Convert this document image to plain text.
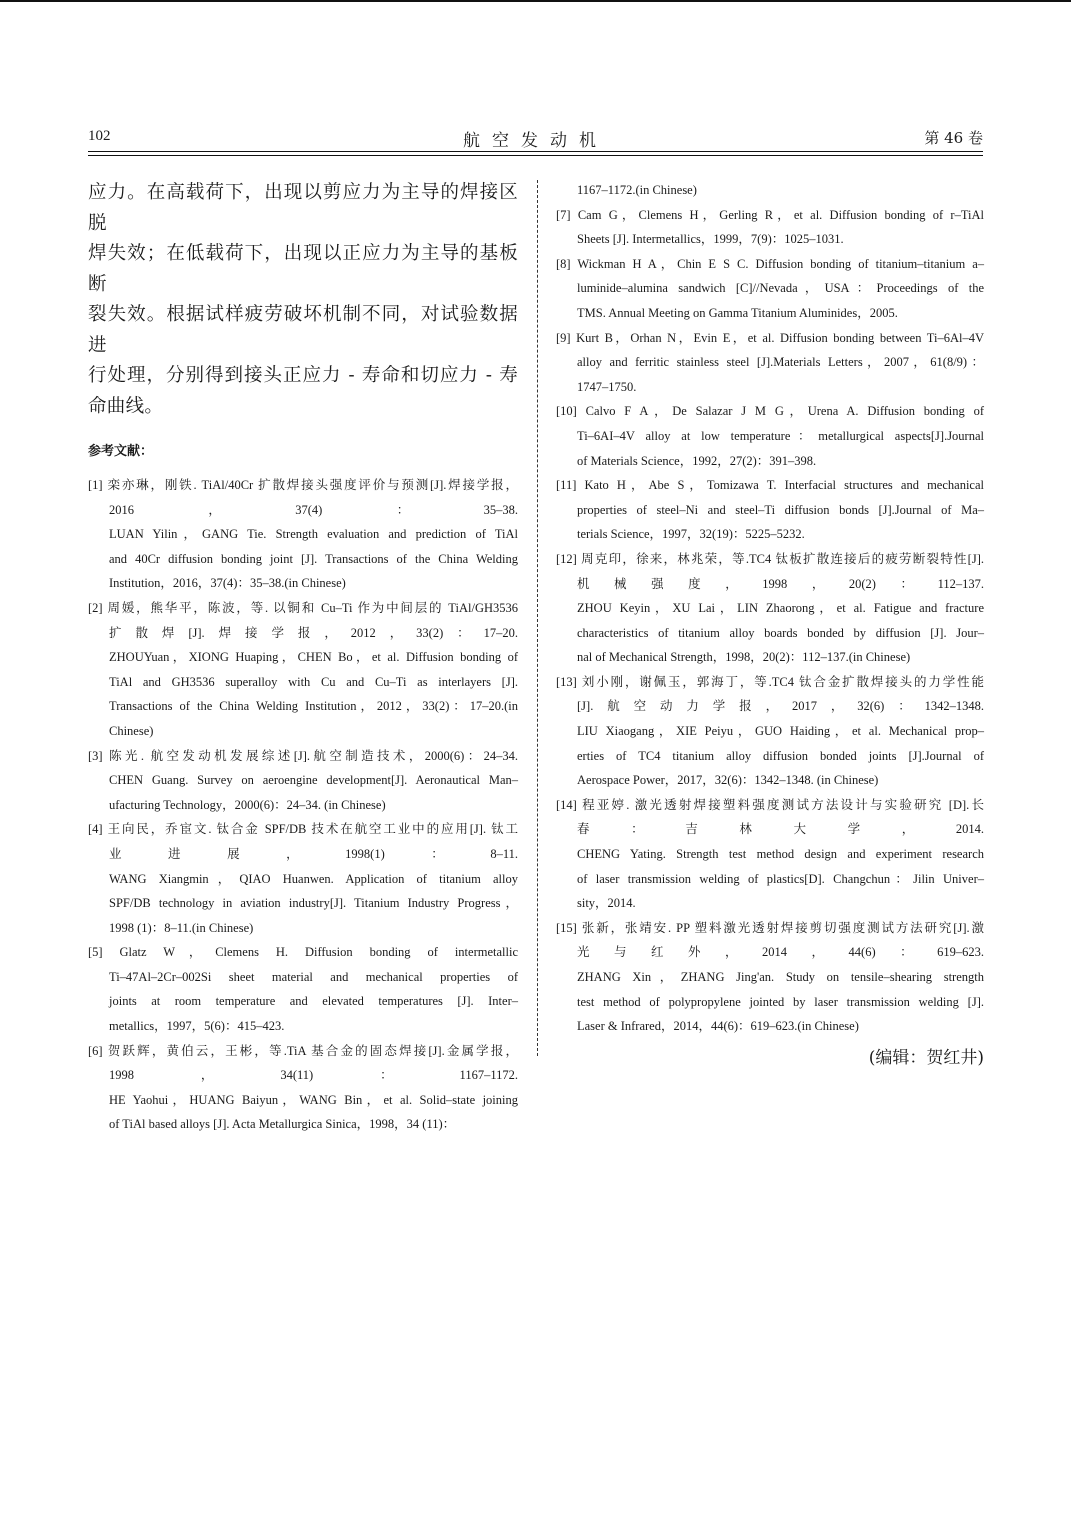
102	航空发动机	第 46 卷
应力。在高载荷下，出现以剪应力为主导的焊接区脱
焊失效；在低载荷下，出现以正应力为主导的基板断
裂失效。根据试样疲劳破坏机制不同，对试验数据进
行处理，分别得到接头正应力 - 寿命和切应力 - 寿
命曲线。
参考文献：
[1] 栾亦琳，刚铁. TiAl/40Cr 扩散焊接头强度评价与预测[J].焊接学报，
2016，37(4)：35–38.
LUAN Yilin，GANG Tie. Strength evaluation and prediction of TiAl
and 40Cr diffusion bonding joint [J]. Transactions of the China Welding
Institution，2016，37(4)：35–38.(in Chinese)
[2] 周媛，熊华平，陈波，等. 以铜和 Cu–Ti 作为中间层的 TiAl/GH3536
扩散焊[J].焊接学报，2012，33(2)：17–20.
ZHOUYuan，XIONG Huaping，CHEN Bo，et al. Diffusion bonding of
TiAl and GH3536 superalloy with Cu and Cu–Ti as interlayers [J].
Transactions of the China Welding Institution，2012，33(2)：17–20.(in
Chinese)
[3] 陈光. 航空发动机发展综述[J].航空制造技术，2000(6)：24–34.
CHEN Guang. Survey on aeroengine development[J]. Aeronautical Man–
ufacturing Technology，2000(6)：24–34. (in Chinese)
[4] 王向民，乔宦文. 钛合金 SPF/DB 技术在航空工业中的应用[J]. 钛工
业进展，1998(1)：8–11.
WANG Xiangmin，QIAO Huanwen. Application of titanium alloy
SPF/DB technology in aviation industry[J]. Titanium Industry Progress，
1998 (1)：8–11.(in Chinese)
[5] Glatz W，Clemens H. Diffusion bonding of intermetallic
Ti–47Al–2Cr–002Si sheet material and mechanical properties of
joints at room temperature and elevated temperatures [J]. Inter–
metallics，1997，5(6)：415–423.
[6] 贺跃辉，黄伯云，王彬，等.TiA 基合金的固态焊接[J].金属学报，
1998，34(11)：1167–1172.
HE Yaohui，HUANG Baiyun，WANG Bin，et al. Solid–state joining
of TiAl based alloys [J]. Acta Metallurgica Sinica，1998，34 (11)：
1167–1172.(in Chinese)
[7] Cam G，Clemens H，Gerling R，et al. Diffusion bonding of r–TiAl
Sheets [J]. Intermetallics，1999，7(9)：1025–1031.
[8] Wickman H A，Chin E S C. Diffusion bonding of titanium–titanium a–
luminide–alumina sandwich [C]//Nevada，USA：Proceedings of the
TMS. Annual Meeting on Gamma Titanium Aluminides，2005.
[9] Kurt B，Orhan N，Evin E，et al. Diffusion bonding between Ti–6Al–4V
alloy and ferritic stainless steel [J].Materials Letters，2007，61(8/9)：
1747–1750.
[10] Calvo F A，De Salazar J M G，Urena A. Diffusion bonding of
Ti–6AI–4V alloy at low temperature：metallurgical aspects[J].Journal
of Materials Science，1992，27(2)：391–398.
[11] Kato H，Abe S，Tomizawa T. Interfacial structures and mechanical
properties of steel–Ni and steel–Ti diffusion bonds [J].Journal of Ma–
terials Science，1997，32(19)：5225–5232.
[12] 周克印，徐来，林兆荣，等.TC4 钛板扩散连接后的疲劳断裂特性[J].
机械强度，1998，20(2)：112–137.
ZHOU Keyin，XU Lai，LIN Zhaorong，et al. Fatigue and fracture
characteristics of titanium alloy boards bonded by diffusion [J]. Jour–
nal of Mechanical Strength，1998，20(2)：112–137.(in Chinese)
[13] 刘小刚，谢佩玉，郭海丁，等.TC4 钛合金扩散焊接头的力学性能
[J].航空动力学报，2017，32(6)：1342–1348.
LIU Xiaogang，XIE Peiyu，GUO Haiding，et al. Mechanical prop–
erties of TC4 titanium alloy diffusion bonded joints [J].Journal of
Aerospace Power，2017，32(6)：1342–1348. (in Chinese)
[14] 程亚婷. 激光透射焊接塑料强度测试方法设计与实验研究 [D].长
春：吉林大学，2014.
CHENG Yating. Strength test method design and experiment research
of laser transmission welding of plastics[D]. Changchun：Jilin Univer–
sity，2014.
[15] 张新，张靖安. PP 塑料激光透射焊接剪切强度测试方法研究[J].激
光与红外，2014，44(6)：619–623.
ZHANG Xin，ZHANG Jing'an. Study on tensile–shearing strength
test method of polypropylene jointed by laser transmission welding [J].
Laser & Infrared，2014，44(6)：619–623.(in Chinese)
(编辑：贺红井)
